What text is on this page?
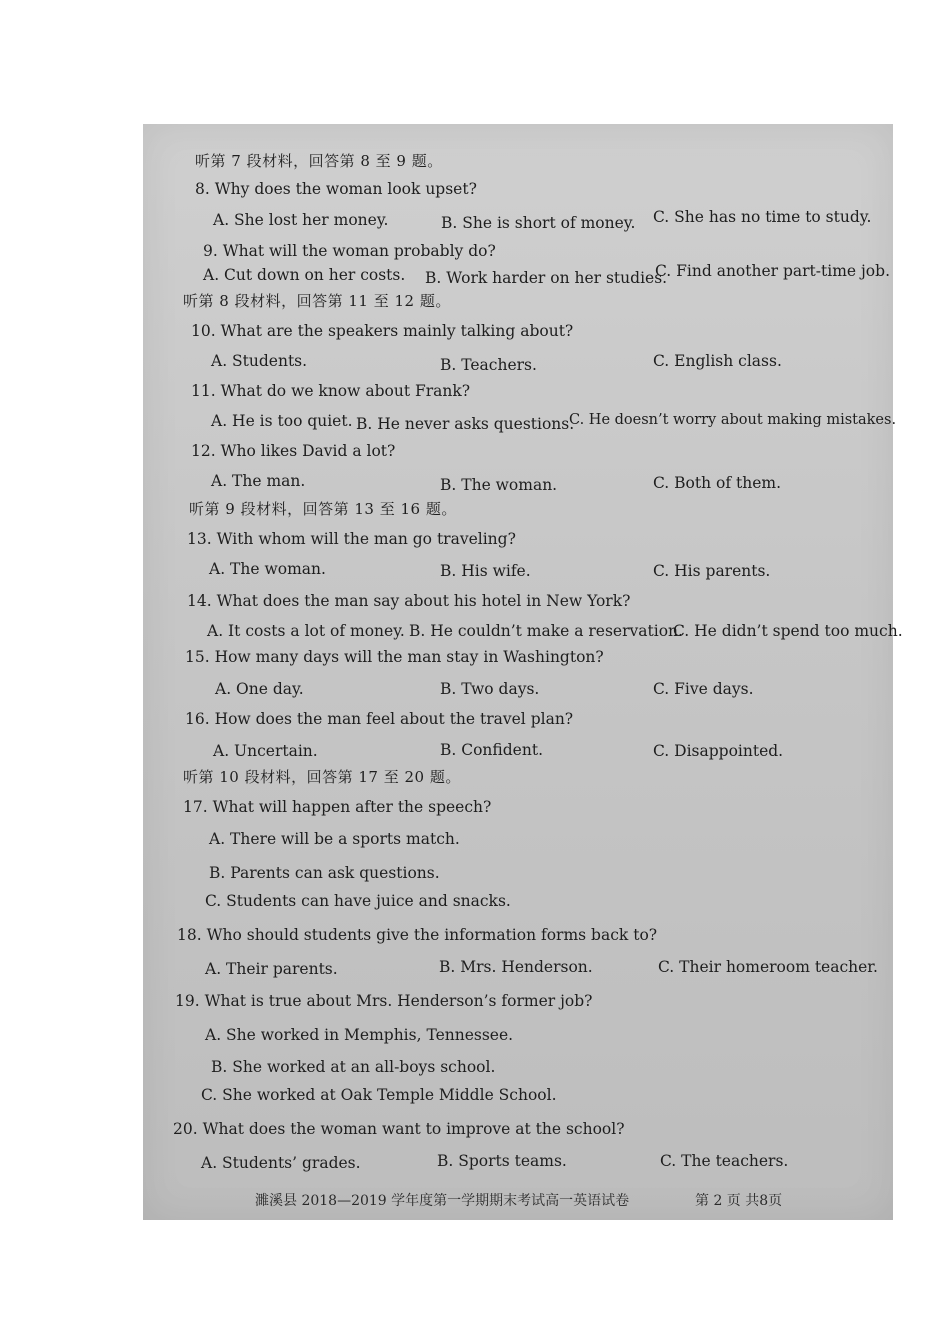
听第 7 段材料，回答第 8 至 9 题。
8. Why does the woman look upset?
A. She lost her money.	B. She is short of money. C. She has no time to study.
9. What will the woman probably do?
A. Cut down on her costs. B. Work harder on her studies.
C. Find another part-time job.
听第 8 段材料，回答第 11 至 12 题。
10. What are the speakers mainly talking about?
A. Students.	B. Teachers.	C. English class.
11. What do we know about Frank?
A. He is too quiet. B. He never asks questions.
C. He doesn’t worry about making mistakes.
12. Who likes David a lot?
A. The man.	B. The woman.	C. Both of them.
听第 9 段材料，回答第 13 至 16 题。
13. With whom will the man go traveling?
A. The woman.	B. His wife.	C. His parents.
14. What does the man say about his hotel in New York?
A. It costs a lot of money. B. He couldn’t make a reservation.
C. He didn’t spend too much.
15. How many days will the man stay in Washington?
A. One day.	B. Two days.	C. Five days.
16. How does the man feel about the travel plan?
A. Uncertain.	B. Confident.	C. Disappointed.
听第 10 段材料，回答第 17 至 20 题。
17. What will happen after the speech?
A. There will be a sports match.
B. Parents can ask questions.
C. Students can have juice and snacks.
18. Who should students give the information forms back to?
A. Their parents.	B. Mrs. Henderson.	C. Their homeroom teacher.
19. What is true about Mrs. Henderson’s former job?
A. She worked in Memphis, Tennessee.
B. She worked at an all-boys school.
C. She worked at Oak Temple Middle School.
20. What does the woman want to improve at the school?
A. Students’ grades.	B. Sports teams.	C. The teachers.
濉溪县 2018—2019 学年度第一学期期末考试高一英语试卷	第 2 页 共8页
